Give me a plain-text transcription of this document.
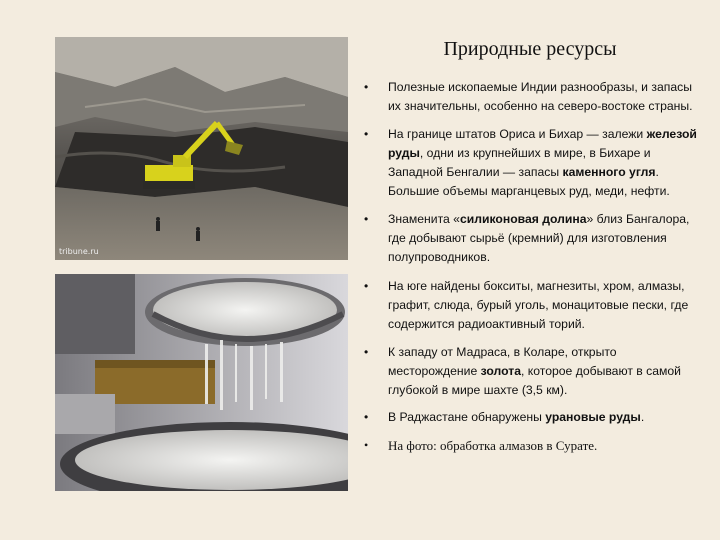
tribune.ru
Природные ресурсы
• Полезные ископаемые Индии разнообразы, и запасы их значительны, особенно на северо-востоке страны.
• На границе штатов Ориса и Бихар — залежи железой руды, одни из крупнейших в мире, в Бихаре и Западной Бенгалии — запасы каменного угля. Большие объемы марганцевых руд, меди, нефти.
• Знаменита «силиконовая долина» близ Бангалора, где добывают сырьё (кремний) для изготовления полупроводников.
• На юге найдены бокситы, магнезиты, хром, алмазы, графит, слюда, бурый уголь, монацитовые пески, где содержится радиоактивный торий.
• К западу от Мадраса, в Коларе, открыто месторождение золота, которое добывают в самой глубокой в мире шахте (3,5 км).
• В Раджастане обнаружены урановые руды.
• На фото: обработка алмазов в Сурате.
